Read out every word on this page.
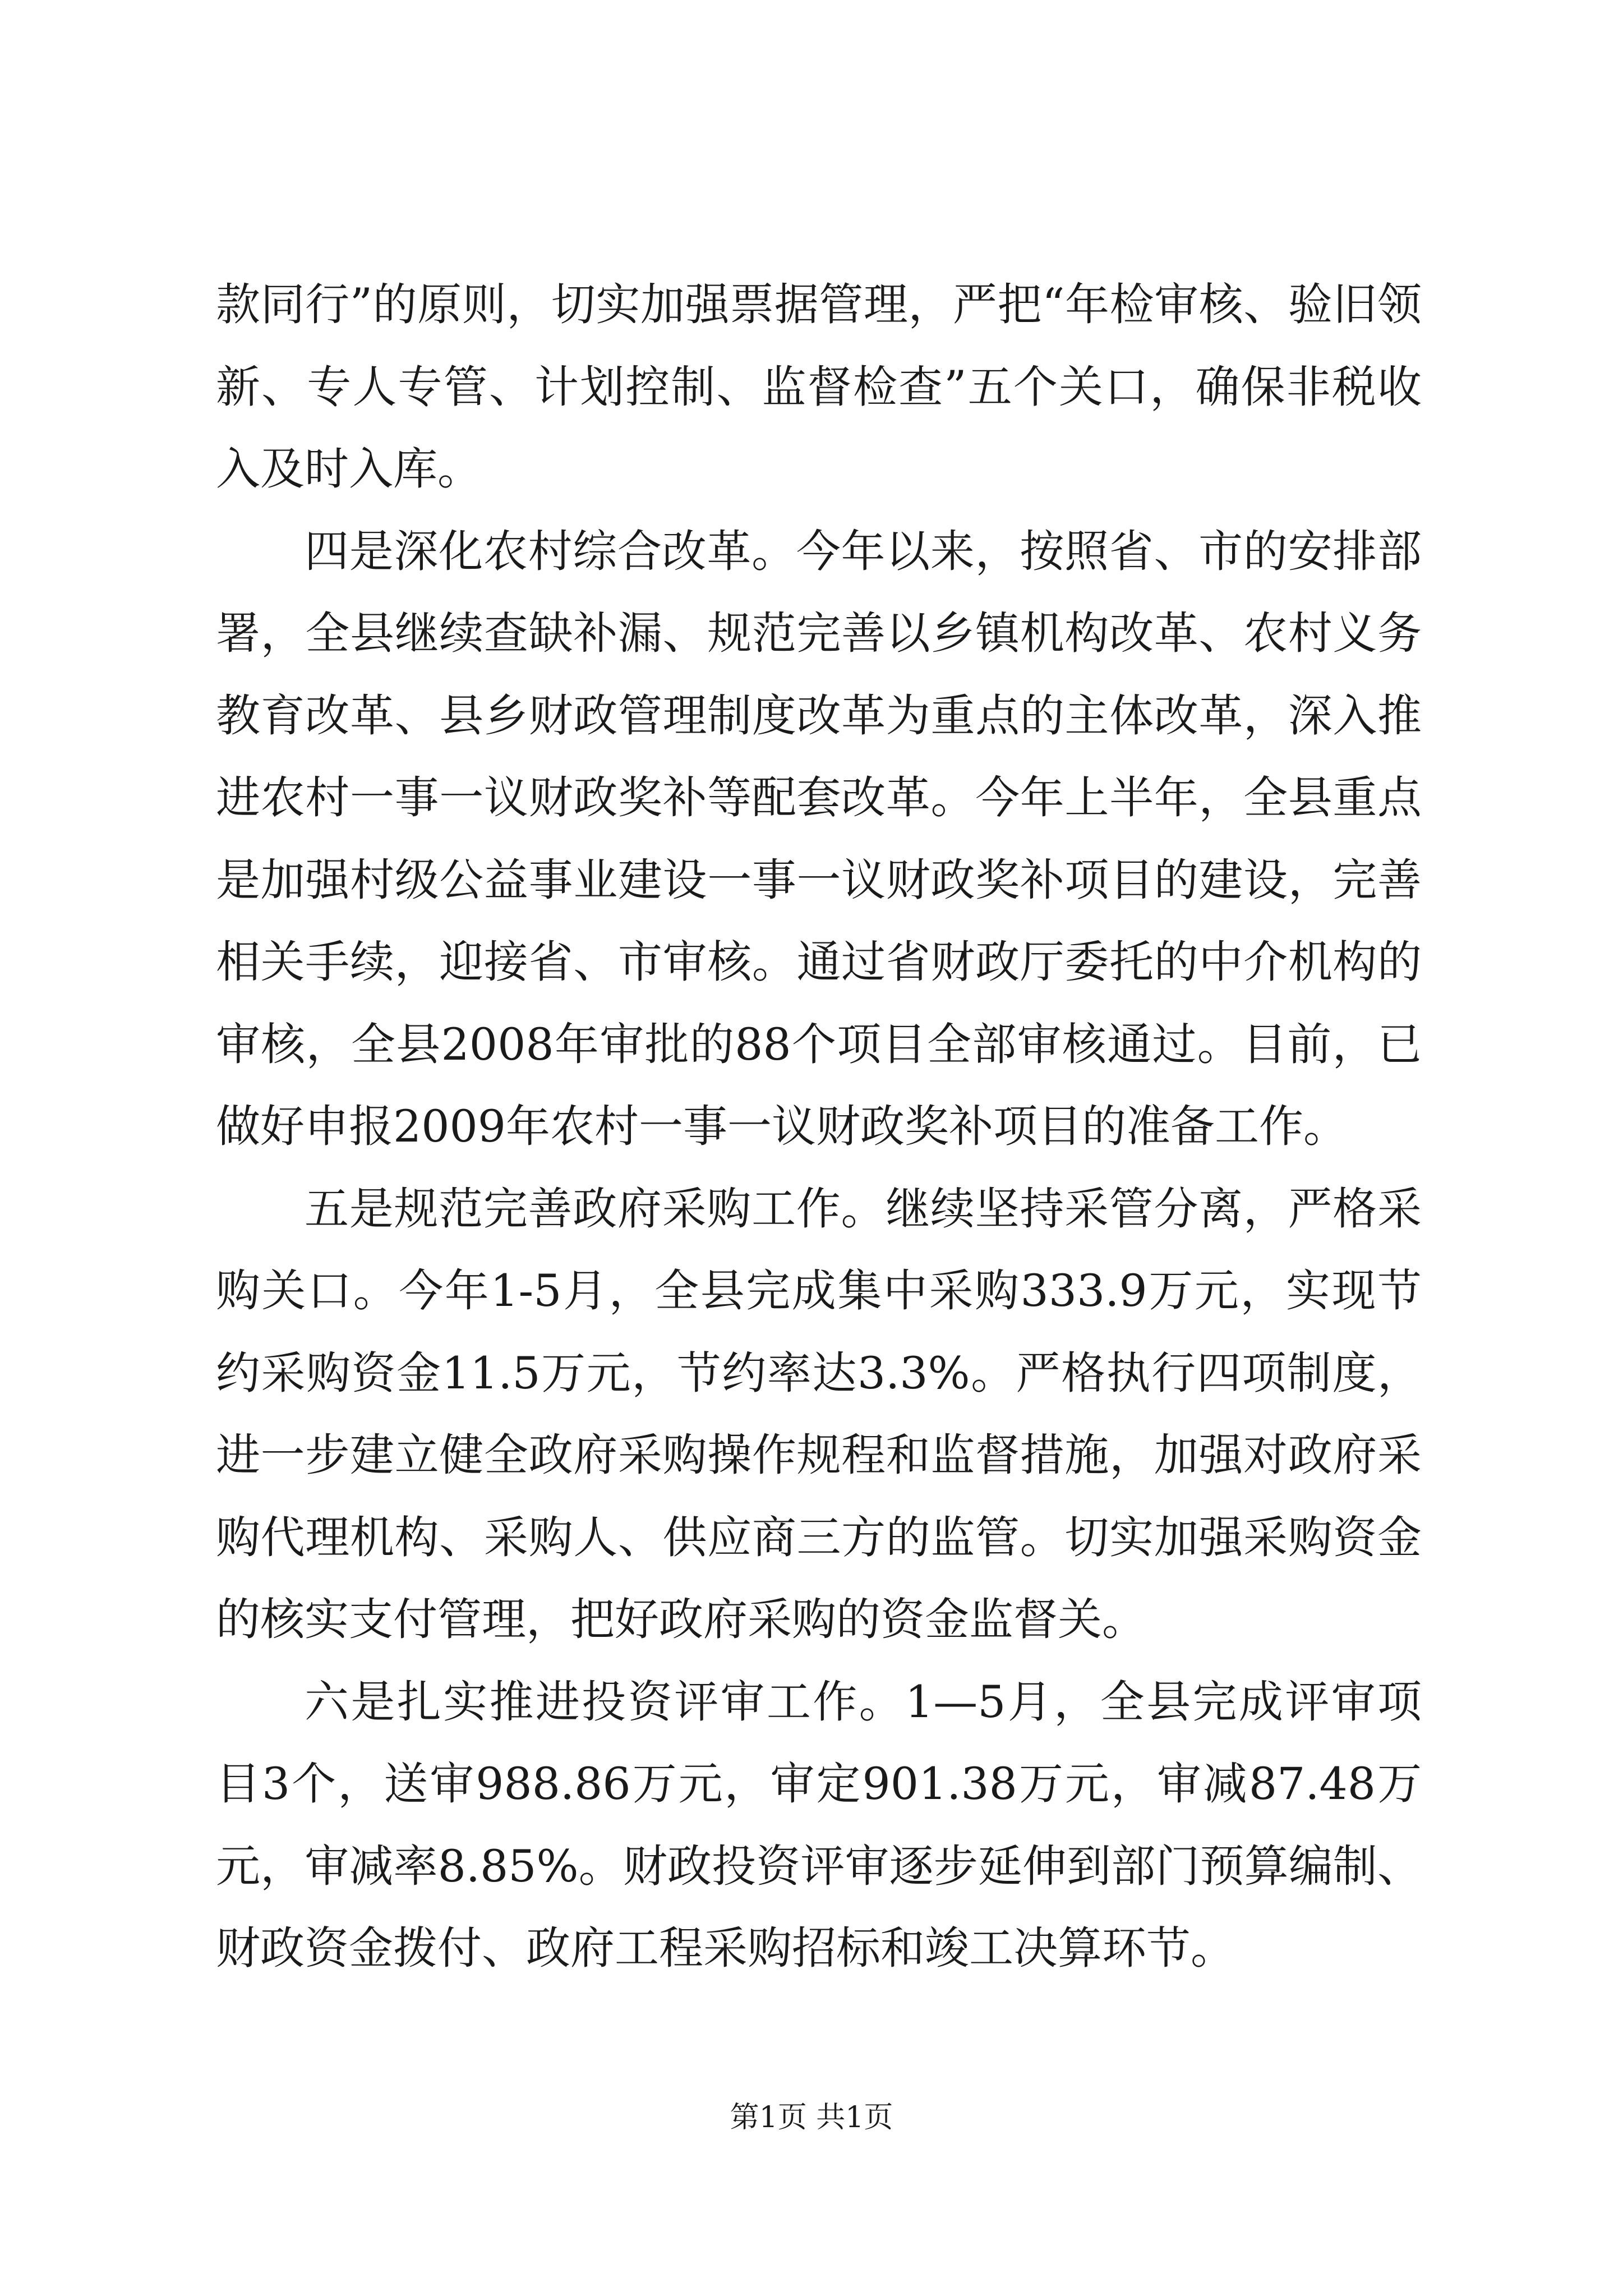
款同行”的原则，切实加强票据管理，严把“年检审核、验旧领新、专人专管、计划控制、监督检查”五个关口，确保非税收入及时入库。

四是深化农村综合改革。今年以来，按照省、市的安排部署，全县继续查缺补漏、规范完善以乡镇机构改革、农村义务教育改革、县乡财政管理制度改革为重点的主体改革，深入推进农村一事一议财政奖补等配套改革。今年上半年，全县重点是加强村级公益事业建设一事一议财政奖补项目的建设，完善相关手续，迎接省、市审核。通过省财政厅委托的中介机构的审核，全县2008年审批的88个项目全部审核通过。目前，已做好申报2009年农村一事一议财政奖补项目的准备工作。

五是规范完善政府采购工作。继续坚持采管分离，严格采购关口。今年1-5月，全县完成集中采购333.9万元，实现节约采购资金11.5万元，节约率达3.3%。严格执行四项制度，进一步建立健全政府采购操作规程和监督措施，加强对政府采购代理机构、采购人、供应商三方的监管。切实加强采购资金的核实支付管理，把好政府采购的资金监督关。

六是扎实推进投资评审工作。1—5月，全县完成评审项目3个，送审988.86万元，审定901.38万元，审减87.48万元，审减率8.85%。财政投资评审逐步延伸到部门预算编制、财政资金拨付、政府工程采购招标和竣工决算环节。

第1页 共1页
